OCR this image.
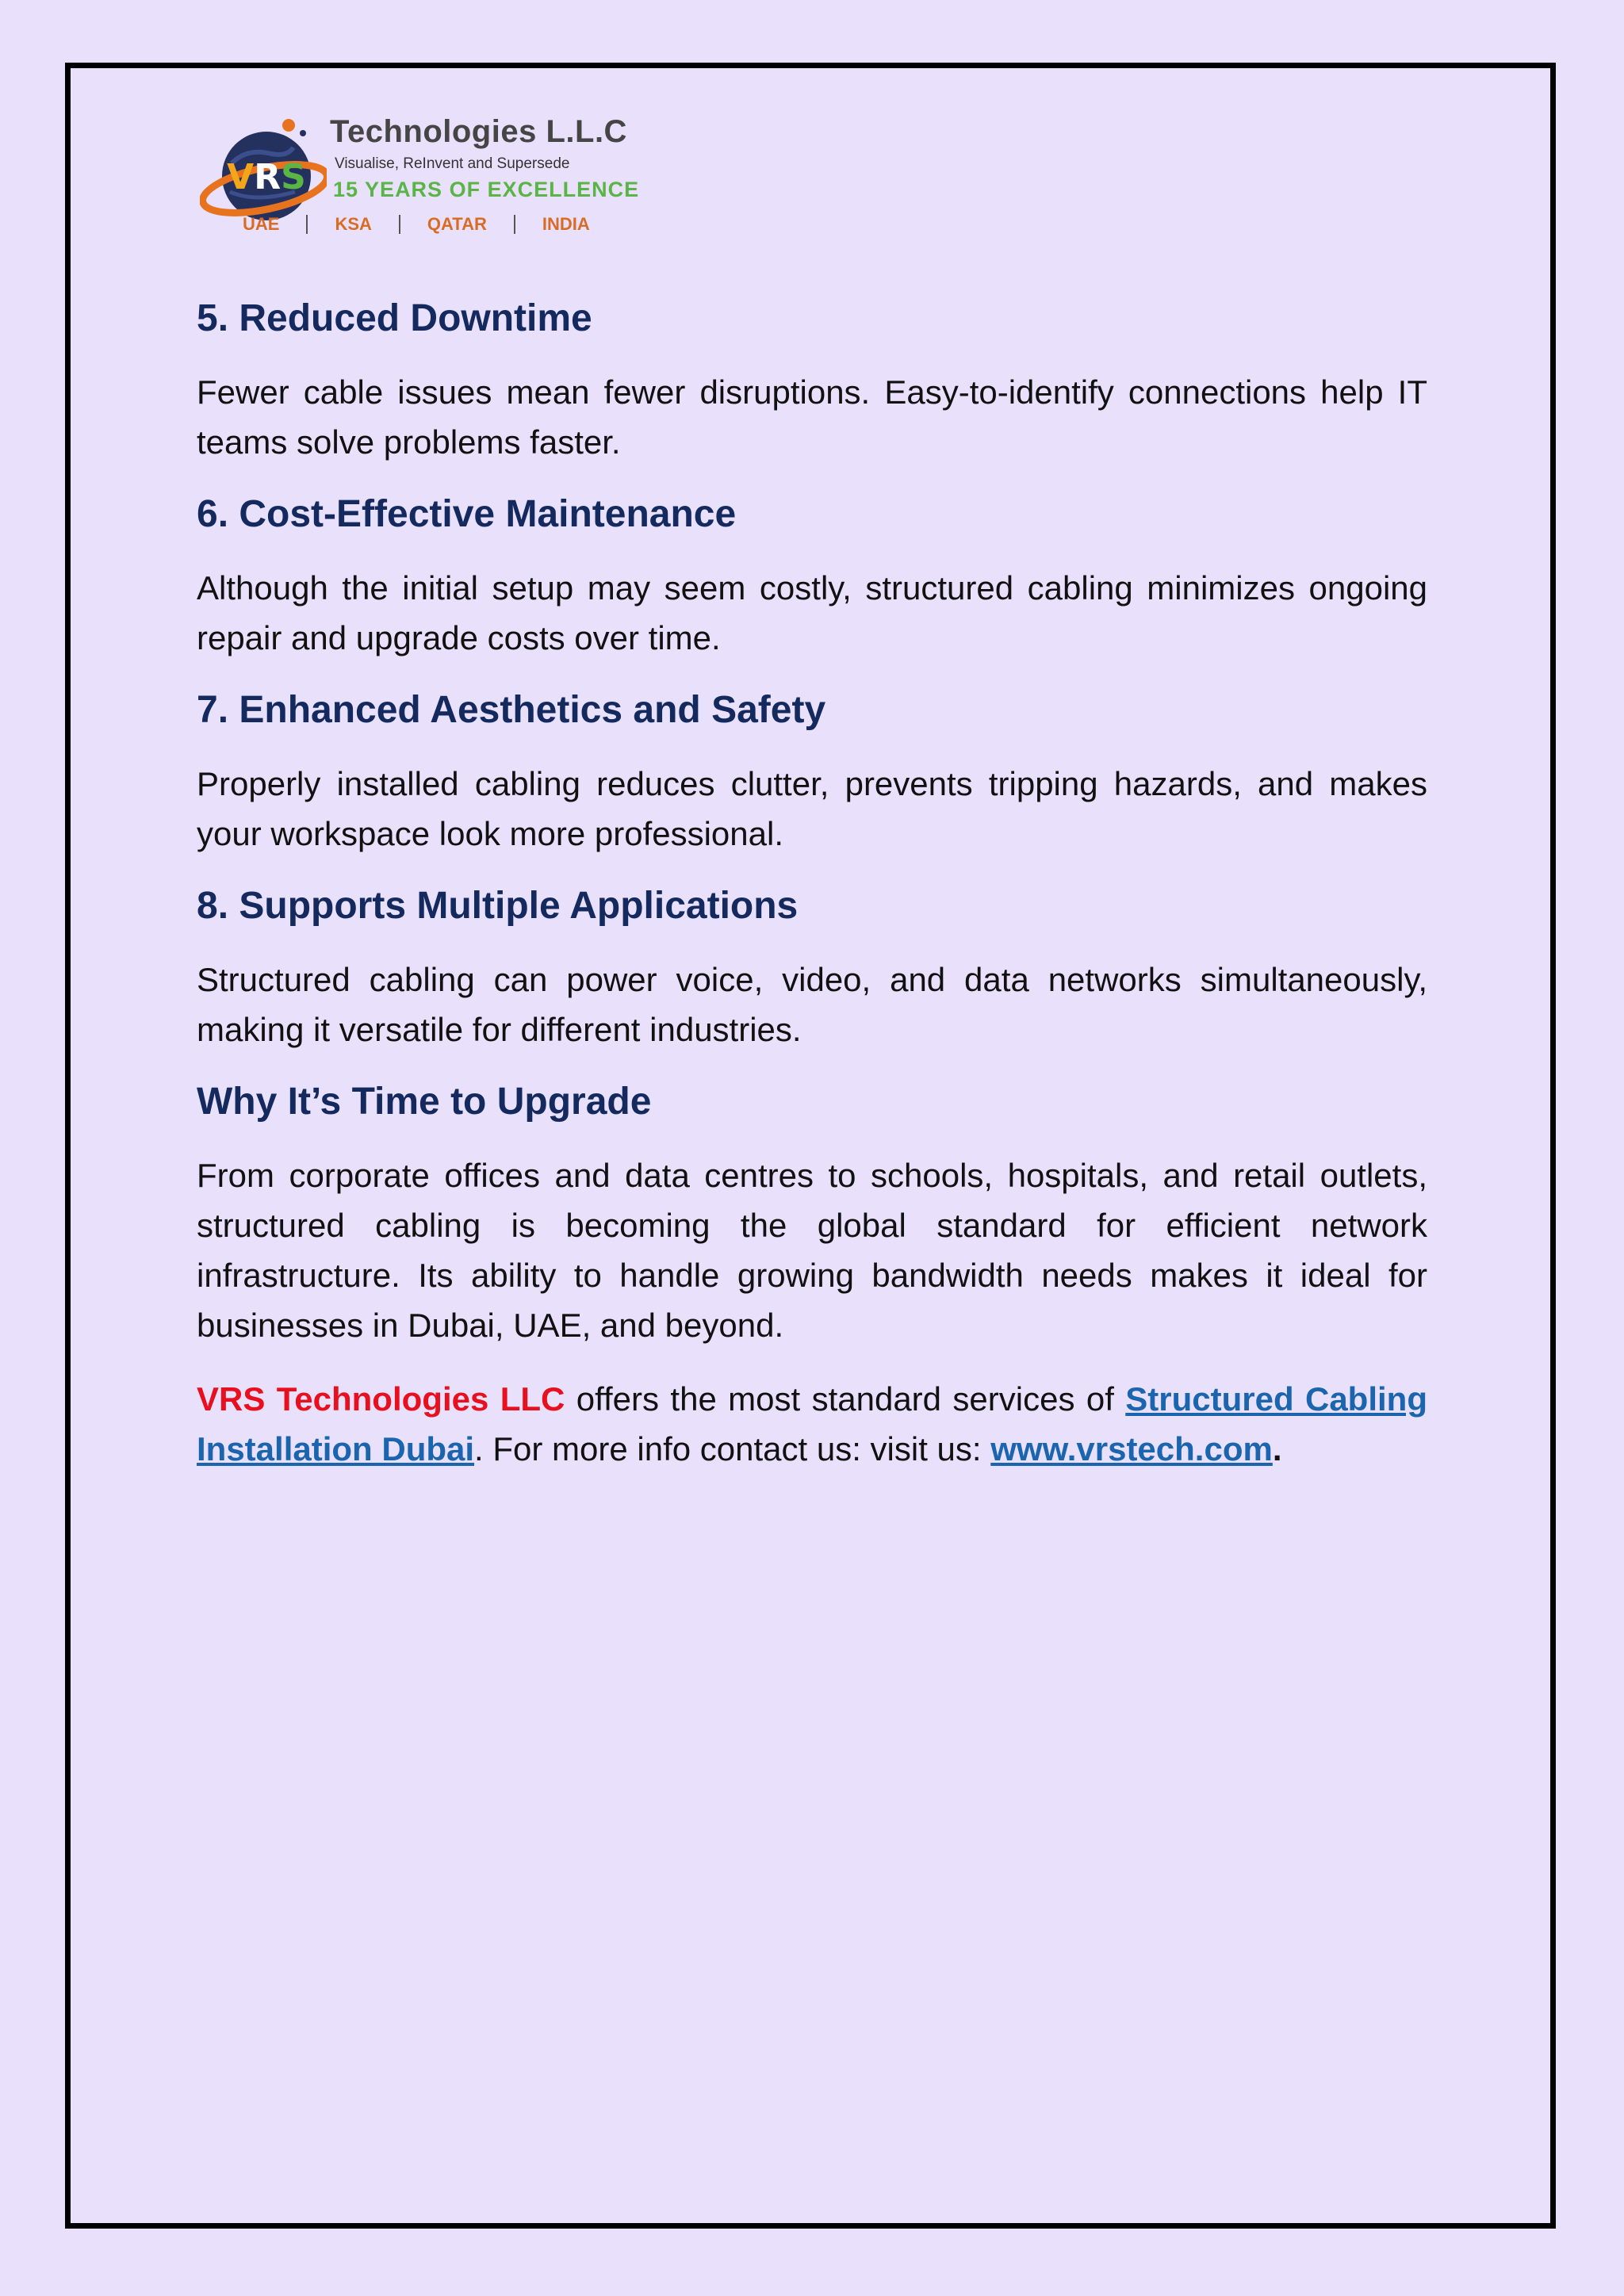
VRS
Technologies L.L.C
Visualise, ReInvent and Supersede
15 YEARS OF EXCELLENCE
UAE	KSA	QATAR	INDIA
5. Reduced Downtime

Fewer cable issues mean fewer disruptions. Easy-to-identify connections help IT teams solve problems faster.

6. Cost-Effective Maintenance

Although the initial setup may seem costly, structured cabling minimizes ongoing repair and upgrade costs over time.

7. Enhanced Aesthetics and Safety

Properly installed cabling reduces clutter, prevents tripping hazards, and makes your workspace look more professional.

8. Supports Multiple Applications

Structured cabling can power voice, video, and data networks simultaneously, making it versatile for different industries.

Why It’s Time to Upgrade

From corporate offices and data centres to schools, hospitals, and retail outlets, structured cabling is becoming the global standard for efficient network infrastructure. Its ability to handle growing bandwidth needs makes it ideal for businesses in Dubai, UAE, and beyond.

VRS Technologies LLC offers the most standard services of Structured Cabling Installation Dubai. For more info contact us: visit us: www.vrstech.com.
